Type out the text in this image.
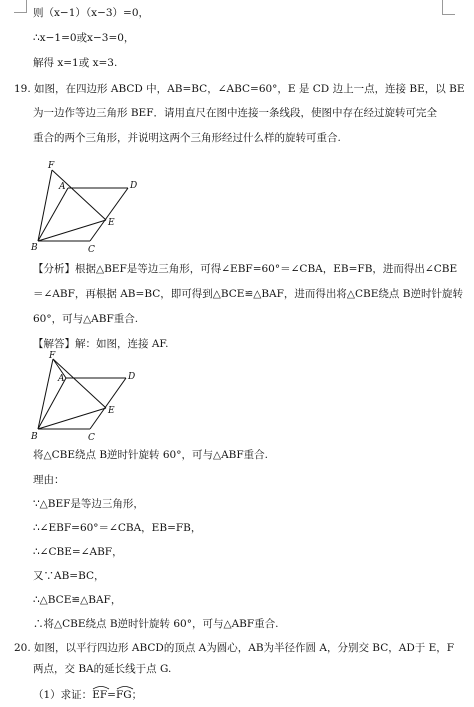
则（x−1）（x−3）=0，
∴x−1=0或x−3=0，
解得 x=1或 x=3.
19. 如图，在四边形 ABCD 中，AB=BC，∠ABC=60°，E 是 CD 边上一点，连接 BE，以 BE
为一边作等边三角形 BEF．请用直尺在图中连接一条线段，使图中存在经过旋转可完全
重合的两个三角形，并说明这两个三角形经过什么样的旋转可重合.
F
A	D
E
B	C
【分析】根据△BEF是等边三角形，可得∠EBF=60°＝∠CBA，EB=FB，进而得出∠CBE
＝∠ABF，再根据 AB=BC，即可得到△BCE≌△BAF，进而得出将△CBE绕点 B逆时针旋转
60°，可与△ABF重合.
【解答】解：如图，连接 AF.
F
A	D
E
B	C
将△CBE绕点 B逆时针旋转 60°，可与△ABF重合.
理由：
∵△BEF是等边三角形，
∴∠EBF=60°＝∠CBA，EB=FB，
∴∠CBE=∠ABF，
又∵AB=BC，
∴△BCE≌△BAF，
∴将△CBE绕点 B逆时针旋转 60°，可与△ABF重合.
20. 如图，以平行四边形 ABCD的顶点 A为圆心，AB为半径作圆 A，分别交 BC，AD于 E，F
两点，交 BA的延长线于点 G.
（1）求证：
EF=
FG；
